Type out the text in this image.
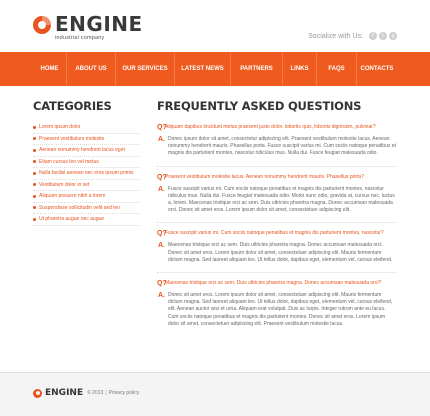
ENGINE
industrial company	Socialize with Us:	f	t	g
HOME	ABOUT US	OUR SERVICES	LATEST NEWS	PARTNERS	LINKS	FAQS	CONTACTS
CATEGORIES
Lorem ipsum dolor
Praesent vestibulum molestie
Aenean nonummy hendrerit lacus eget
Etiam cursus leo vel metus
Nulla facilisi aenean nec eros ipsum primis
Vestibulum dolor in set
Aliquam posuere nibh a lorem
Suspendisse sollicitudin velit sed leo
Ut pharetra augue nec augue
FREQUENTLY ASKED QUESTIONS
Q?
Aliquam dapibus tincidunt metus praesent justo dolor, lobortis quis, lobortis dignissim, pulvinar?
A. Donec ipsum dolor sit amet, consectetur adipiscing elit. Praesent vestibulum molestie lacus. Aenean nonummy hendrerit mauris. Phasellus porta. Fusce suscipit varius mi. Cum sociis natoque penatibus et magnis dis parturient montes, nascetur ridiculus mus. Nulla dui. Fusce feugiat malesuada odio.
Q?
Praesent vestibulum molestie lacus. Aenean nonummy hendrerit mauris. Phasellus porta?
A. Fusce suscipit varius mi. Cum sociis natoque penatibus et magnis dis parturient montes, nascetur ridiculus mus. Nulla dui. Fusce feugiat malesuada odio. Morbi nunc odio, gravida at, cursus nec, luctus a, lorem. Maecenas tristique orci ac sem. Duis ultricies pharetra magna. Donec accumsan malesuada orci. Donec sit amet eros. Lorem ipsum dolor sit amet, consectetuer adipiscing elit.
Q?
Fusce suscipit varius mi. Cum sociis natoque penatibus et magnis dis parturient montes, nascetur?
A. Maecenas tristique orci ac sem. Duis ultricies pharetra magna. Donec accumsan malesuada orci. Donec sit amet eros. Lorem ipsum dolor sit amet, consectetuer adipiscing elit. Mauris fermentum dictum magna. Sed laoreet aliquam leo. Ut tellus dolor, dapibus eget, elementum vel, cursus eleifend.
Q?
Maecenas tristique orci ac sem. Duis ultricies pharetra magna. Donec accumsan malesuada orci?
A. Donec sit amet eros. Lorem ipsum dolor sit amet, consectetuer adipiscing elit. Mauris fermentum dictum magna. Sed laoreet aliquam leo. Ut tellus dolor, dapibus eget, elementum vel, cursus eleifend, elit. Aenean auctor wisi et urna. Aliquam erat volutpat. Duis ac turpis. Integer rutrum ante eu lacus. Cum sociis natoque penatibus et magnis dis parturient montes. Donec sit amet eros. Lorem ipsum dolor sit amet, consectetuer adipiscing elit. Praesent vestibulum molestie lacus.
ENGINE © 2013 | Privacy policy
